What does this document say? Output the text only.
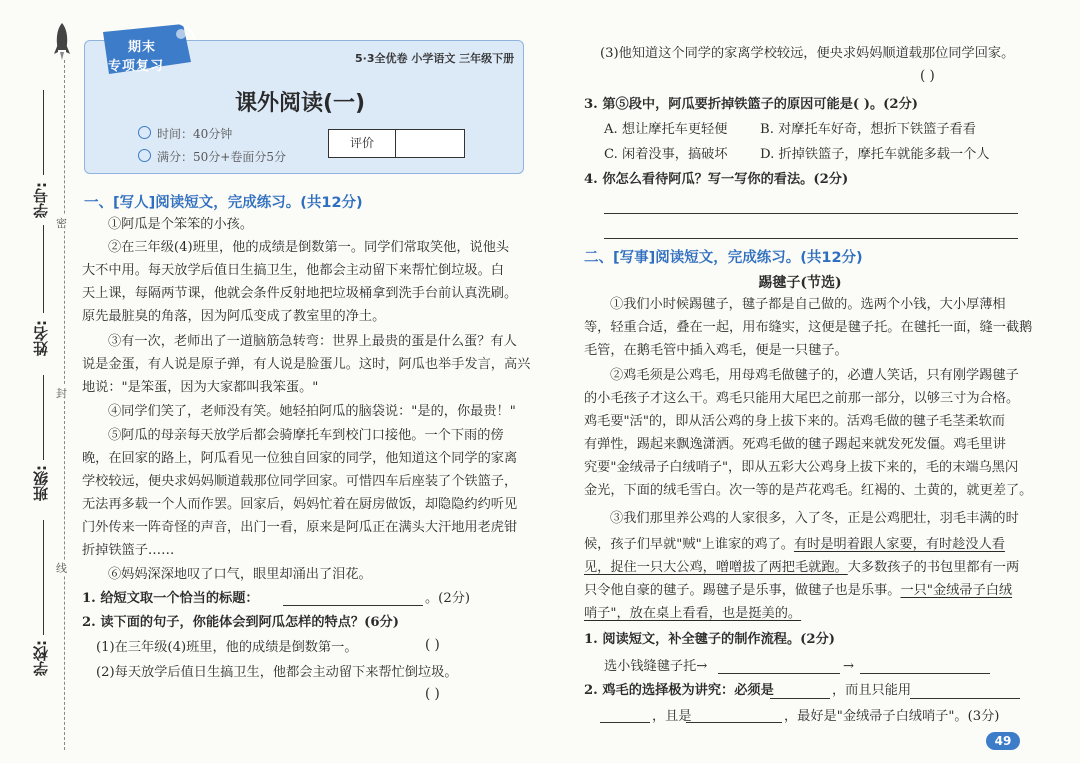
密
封
线
学号:
姓名:
班级:
学校:
期末
专项复习
5·3全优卷 小学语文 三年级下册
课外阅读(一)
时间：40分钟
满分：50分+卷面分5分
评价
一、[写人]阅读短文，完成练习。(共12分)
①阿瓜是个笨笨的小孩。
②在三年级(4)班里，他的成绩是倒数第一。同学们常取笑他，说他头
大不中用。每天放学后值日生搞卫生，他都会主动留下来帮忙倒垃圾。白
天上课，每隔两节课，他就会条件反射地把垃圾桶拿到洗手台前认真洗刷。
原先最脏臭的角落，因为阿瓜变成了教室里的净土。
③有一次，老师出了一道脑筋急转弯：世界上最贵的蛋是什么蛋？有人
说是金蛋，有人说是原子弹，有人说是脸蛋儿。这时，阿瓜也举手发言，高兴
地说："是笨蛋，因为大家都叫我笨蛋。"
④同学们笑了，老师没有笑。她轻拍阿瓜的脑袋说："是的，你最贵！"
⑤阿瓜的母亲每天放学后都会骑摩托车到校门口接他。一个下雨的傍
晚，在回家的路上，阿瓜看见一位独自回家的同学，他知道这个同学的家离
学校较远，便央求妈妈顺道载那位同学回家。可惜四车后座装了个铁篮子，
无法再多载一个人而作罢。回家后，妈妈忙着在厨房做饭，却隐隐约约听见
门外传来一阵奇怪的声音，出门一看，原来是阿瓜正在满头大汗地用老虎钳
折掉铁篮子……
⑥妈妈深深地叹了口气，眼里却涌出了泪花。
1. 给短文取一个恰当的标题：	。(2分)
2. 读下面的句子，你能体会到阿瓜怎样的特点？(6分)
(1)在三年级(4)班里，他的成绩是倒数第一。	( )
(2)每天放学后值日生搞卫生，他都会主动留下来帮忙倒垃圾。
( )
(3)他知道这个同学的家离学校较远，便央求妈妈顺道载那位同学回家。
( )
3. 第⑤段中，阿瓜要折掉铁篮子的原因可能是( )。(2分)
A. 想让摩托车更轻便 B. 对摩托车好奇，想折下铁篮子看看
C. 闲着没事，搞破坏 D. 折掉铁篮子，摩托车就能多载一个人
4. 你怎么看待阿瓜？写一写你的看法。(2分)
二、[写事]阅读短文，完成练习。(共12分)
踢毽子(节选)
①我们小时候踢毽子，毽子都是自己做的。选两个小钱，大小厚薄相
等，轻重合适，叠在一起，用布缝实，这便是毽子托。在毽托一面，缝一截鹅
毛管，在鹅毛管中插入鸡毛，便是一只毽子。
②鸡毛须是公鸡毛，用母鸡毛做毽子的，必遭人笑话，只有刚学踢毽子
的小毛孩子才这么干。鸡毛只能用大尾巴之前那一部分，以够三寸为合格。
鸡毛要"活"的，即从活公鸡的身上拔下来的。活鸡毛做的毽子毛茎柔软而
有弹性，踢起来飘逸潇洒。死鸡毛做的毽子踢起来就发死发僵。鸡毛里讲
究要"金绒帚子白绒哨子"，即从五彩大公鸡身上拔下来的，毛的末端乌黑闪
金光，下面的绒毛雪白。次一等的是芦花鸡毛。红褐的、土黄的，就更差了。
③我们那里养公鸡的人家很多，入了冬，正是公鸡肥壮，羽毛丰满的时
候，孩子们早就"贼"上谁家的鸡了。有时是明着跟人家要，有时趁没人看
见，捉住一只大公鸡，噌噌拔了两把毛就跑。大多数孩子的书包里都有一两
只令他自豪的毽子。踢毽子是乐事，做毽子也是乐事。一只"金绒帚子白绒
哨子"，放在桌上看看，也是挺美的。
1. 阅读短文，补全毽子的制作流程。(2分)
选小钱缝毽子托→	→
2. 鸡毛的选择极为讲究：必须是	，而且只能用
，且是	，最好是"金绒帚子白绒哨子"。(3分)
49
